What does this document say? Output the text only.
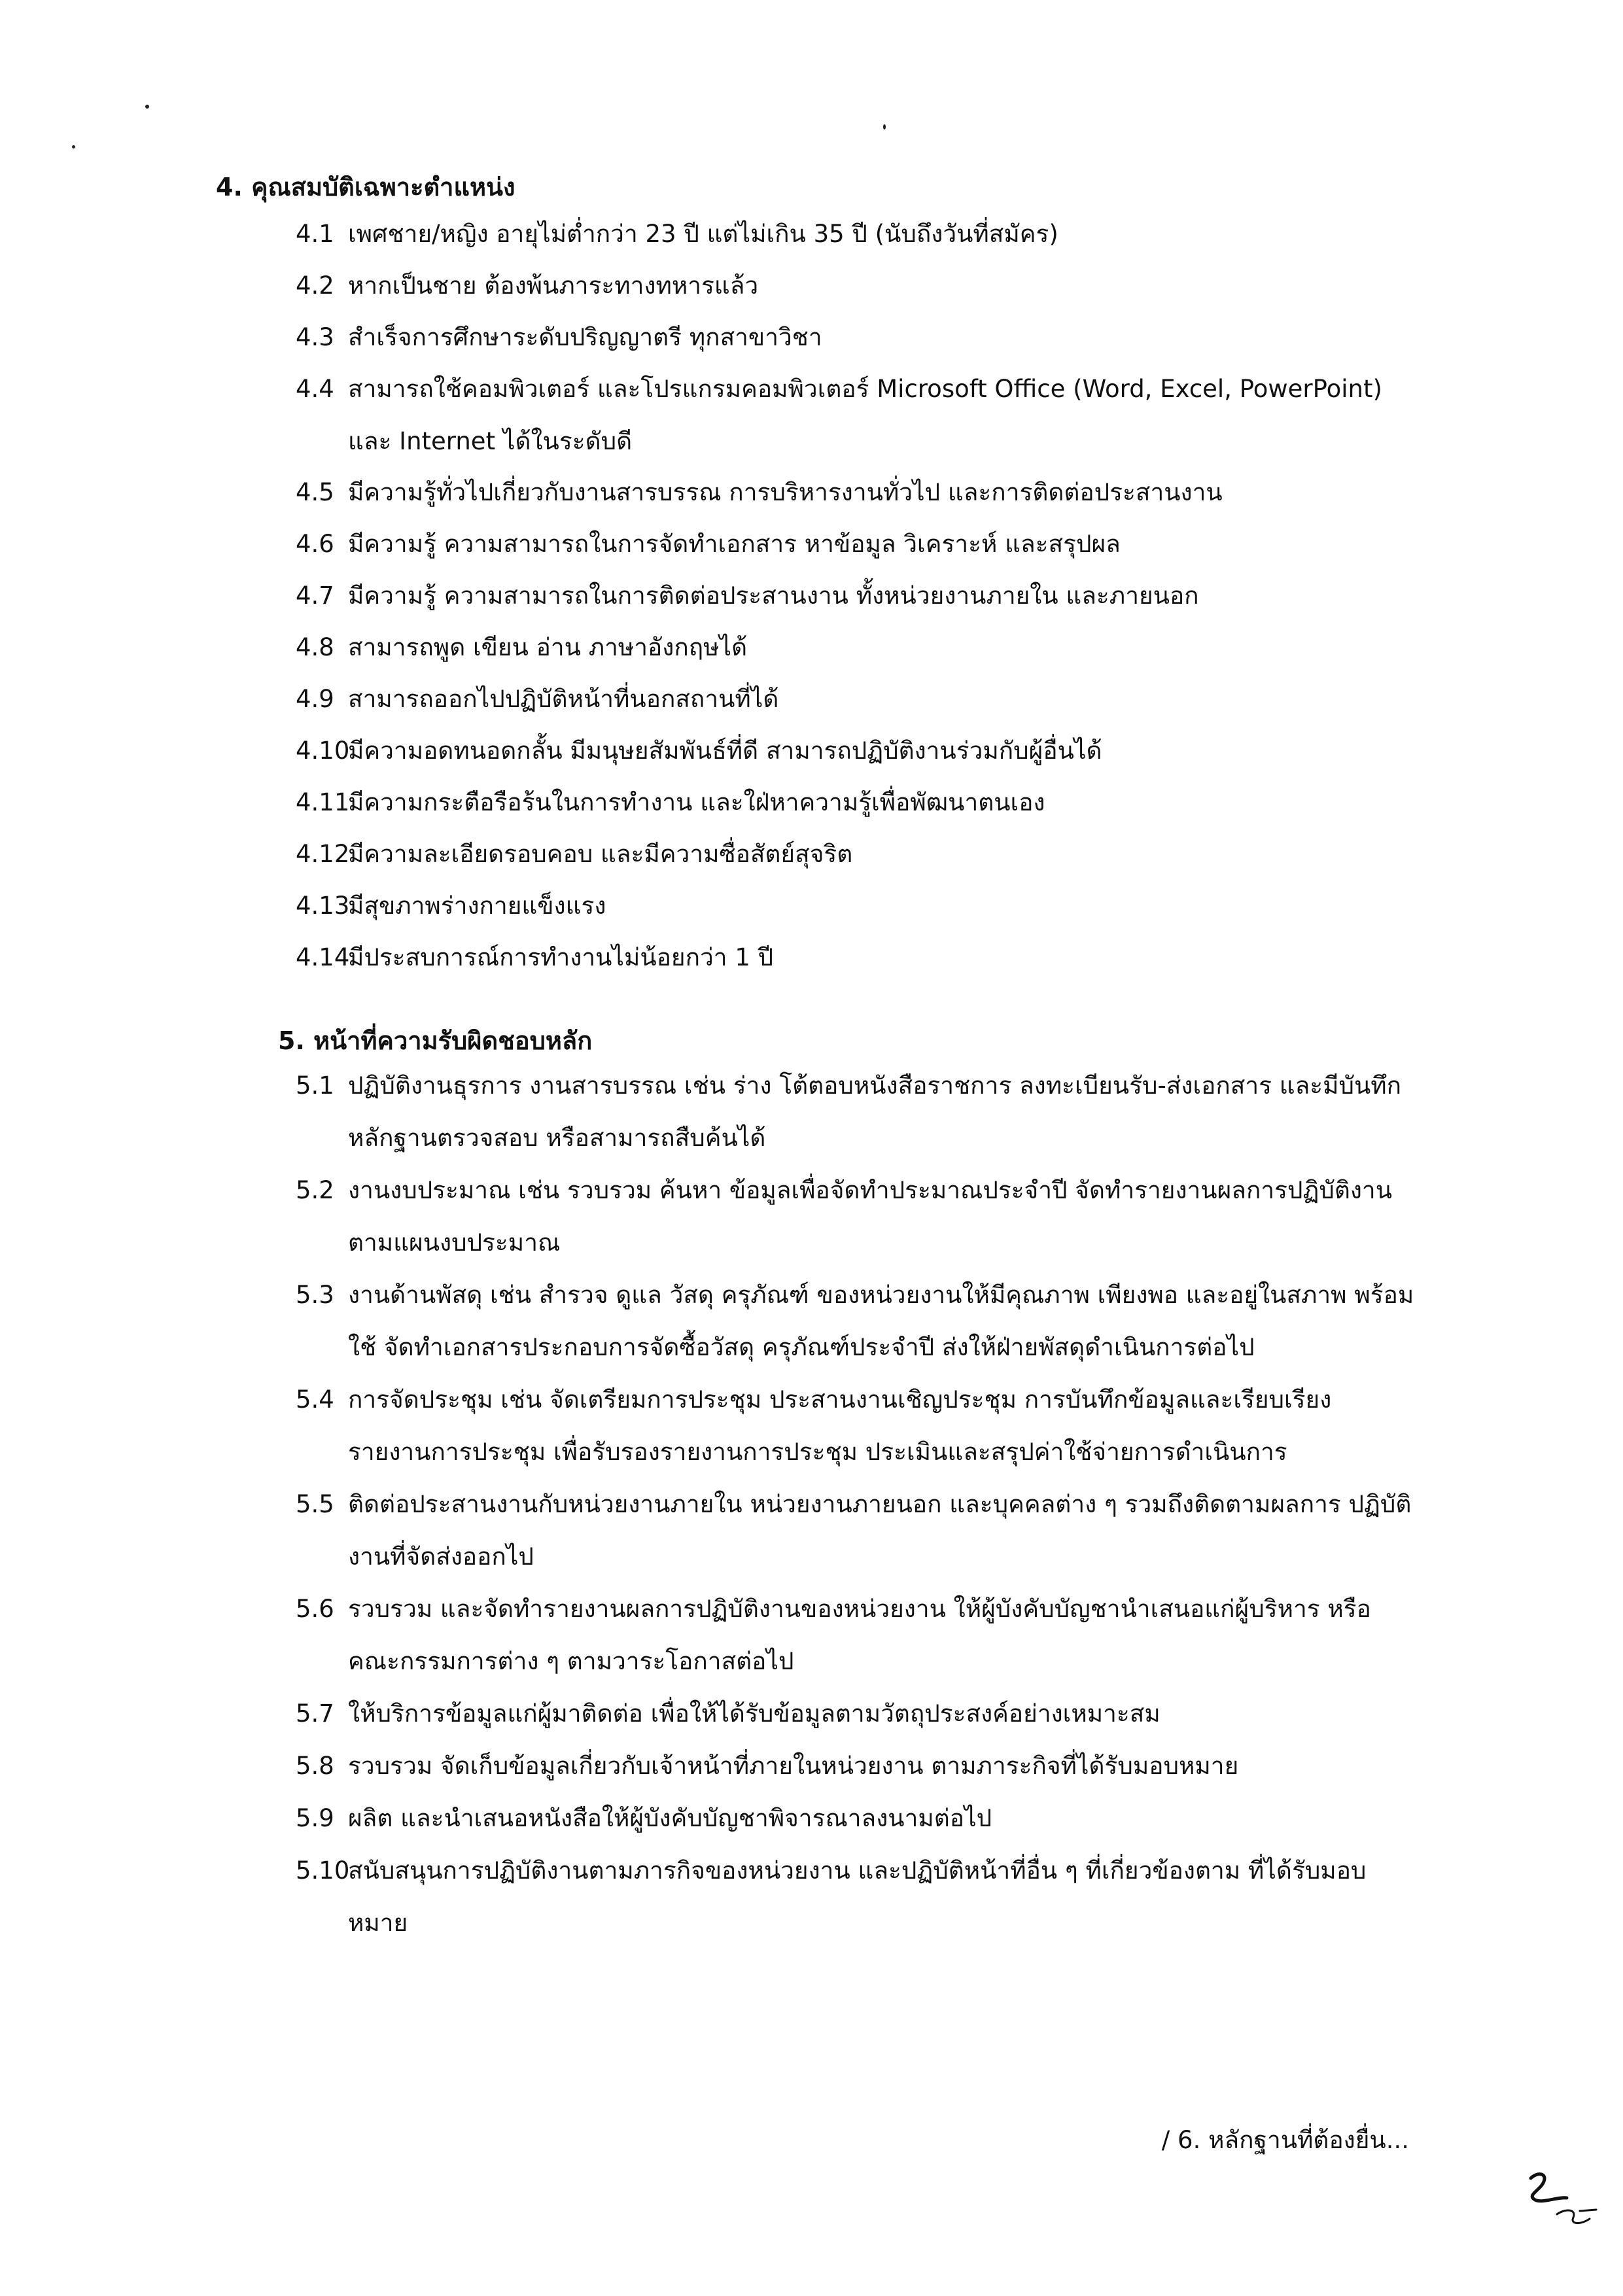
4. คุณสมบัติเฉพาะตำแหน่ง
4.1 เพศชาย/หญิง อายุไม่ต่ำกว่า 23 ปี แต่ไม่เกิน 35 ปี (นับถึงวันที่สมัคร)
4.2 หากเป็นชาย ต้องพ้นภาระทางทหารแล้ว
4.3 สำเร็จการศึกษาระดับปริญญาตรี ทุกสาขาวิชา
4.4 สามารถใช้คอมพิวเตอร์ และโปรแกรมคอมพิวเตอร์ Microsoft Office (Word, Excel, PowerPoint) และ Internet ได้ในระดับดี
4.5 มีความรู้ทั่วไปเกี่ยวกับงานสารบรรณ การบริหารงานทั่วไป และการติดต่อประสานงาน
4.6 มีความรู้ ความสามารถในการจัดทำเอกสาร หาข้อมูล วิเคราะห์ และสรุปผล
4.7 มีความรู้ ความสามารถในการติดต่อประสานงาน ทั้งหน่วยงานภายใน และภายนอก
4.8 สามารถพูด เขียน อ่าน ภาษาอังกฤษได้
4.9 สามารถออกไปปฏิบัติหน้าที่นอกสถานที่ได้
4.10
มีความอดทนอดกลั้น มีมนุษยสัมพันธ์ที่ดี สามารถปฏิบัติงานร่วมกับผู้อื่นได้
4.11
มีความกระตือรือร้นในการทำงาน และใฝ่หาความรู้เพื่อพัฒนาตนเอง
4.12
มีความละเอียดรอบคอบ และมีความซื่อสัตย์สุจริต
4.13
มีสุขภาพร่างกายแข็งแรง
4.14
มีประสบการณ์การทำงานไม่น้อยกว่า 1 ปี
5. หน้าที่ความรับผิดชอบหลัก
5.1 ปฏิบัติงานธุรการ งานสารบรรณ เช่น ร่าง โต้ตอบหนังสือราชการ ลงทะเบียนรับ-ส่งเอกสาร และมีบันทึก หลักฐานตรวจสอบ หรือสามารถสืบค้นได้
5.2 งานงบประมาณ เช่น รวบรวม ค้นหา ข้อมูลเพื่อจัดทำประมาณประจำปี จัดทำรายงานผลการปฏิบัติงาน ตามแผนงบประมาณ
5.3 งานด้านพัสดุ เช่น สำรวจ ดูแล วัสดุ ครุภัณฑ์ ของหน่วยงานให้มีคุณภาพ เพียงพอ และอยู่ในสภาพ พร้อมใช้ จัดทำเอกสารประกอบการจัดซื้อวัสดุ ครุภัณฑ์ประจำปี ส่งให้ฝ่ายพัสดุดำเนินการต่อไป
5.4 การจัดประชุม เช่น จัดเตรียมการประชุม ประสานงานเชิญประชุม การบันทึกข้อมูลและเรียบเรียง รายงานการประชุม เพื่อรับรองรายงานการประชุม ประเมินและสรุปค่าใช้จ่ายการดำเนินการ
5.5 ติดต่อประสานงานกับหน่วยงานภายใน หน่วยงานภายนอก และบุคคลต่าง ๆ รวมถึงติดตามผลการ ปฏิบัติงานที่จัดส่งออกไป
5.6 รวบรวม และจัดทำรายงานผลการปฏิบัติงานของหน่วยงาน ให้ผู้บังคับบัญชานำเสนอแก่ผู้บริหาร หรือ คณะกรรมการต่าง ๆ ตามวาระโอกาสต่อไป
5.7 ให้บริการข้อมูลแก่ผู้มาติดต่อ เพื่อให้ได้รับข้อมูลตามวัตถุประสงค์อย่างเหมาะสม
5.8 รวบรวม จัดเก็บข้อมูลเกี่ยวกับเจ้าหน้าที่ภายในหน่วยงาน ตามภาระกิจที่ได้รับมอบหมาย
5.9 ผลิต และนำเสนอหนังสือให้ผู้บังคับบัญชาพิจารณาลงนามต่อไป
5.10
สนับสนุนการปฏิบัติงานตามภารกิจของหน่วยงาน และปฏิบัติหน้าที่อื่น ๆ ที่เกี่ยวข้องตาม ที่ได้รับมอบหมาย
/ 6. หลักฐานที่ต้องยื่น...
